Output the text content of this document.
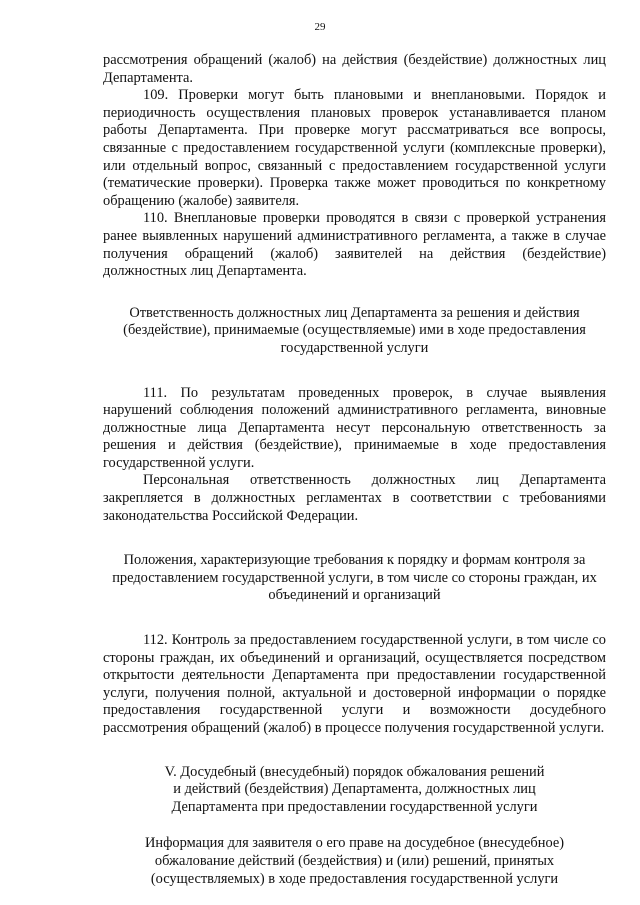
29

рассмотрения обращений (жалоб) на действия (бездействие) должностных лиц Департамента.

109. Проверки могут быть плановыми и внеплановыми. Порядок и периодичность осуществления плановых проверок устанавливается планом работы Департамента. При проверке могут рассматриваться все вопросы, связанные с предоставлением государственной услуги (комплексные проверки), или отдельный вопрос, связанный с предоставлением государственной услуги (тематические проверки). Проверка также может проводиться по конкретному обращению (жалобе) заявителя.

110. Внеплановые проверки проводятся в связи с проверкой устранения ранее выявленных нарушений административного регламента, а также в случае получения обращений (жалоб) заявителей на действия (бездействие) должностных лиц Департамента.

Ответственность должностных лиц Департамента за решения и действия (бездействие), принимаемые (осуществляемые) ими в ходе предоставления государственной услуги

111. По результатам проведенных проверок, в случае выявления нарушений соблюдения положений административного регламента, виновные должностные лица Департамента несут персональную ответственность за решения и действия (бездействие), принимаемые в ходе предоставления государственной услуги.

Персональная ответственность должностных лиц Департамента закрепляется в должностных регламентах в соответствии с требованиями законодательства Российской Федерации.

Положения, характеризующие требования к порядку и формам контроля за предоставлением государственной услуги, в том числе со стороны граждан, их объединений и организаций

112. Контроль за предоставлением государственной услуги, в том числе со стороны граждан, их объединений и организаций, осуществляется посредством открытости деятельности Департамента при предоставлении государственной услуги, получения полной, актуальной и достоверной информации о порядке предоставления государственной услуги и возможности досудебного рассмотрения обращений (жалоб) в процессе получения государственной услуги.

V. Досудебный (внесудебный) порядок обжалования решений
и действий (бездействия) Департамента, должностных лиц
Департамента при предоставлении государственной услуги
Информация для заявителя о его праве на досудебное (внесудебное)
обжалование действий (бездействия) и (или) решений, принятых
(осуществляемых) в ходе предоставления государственной услуги
